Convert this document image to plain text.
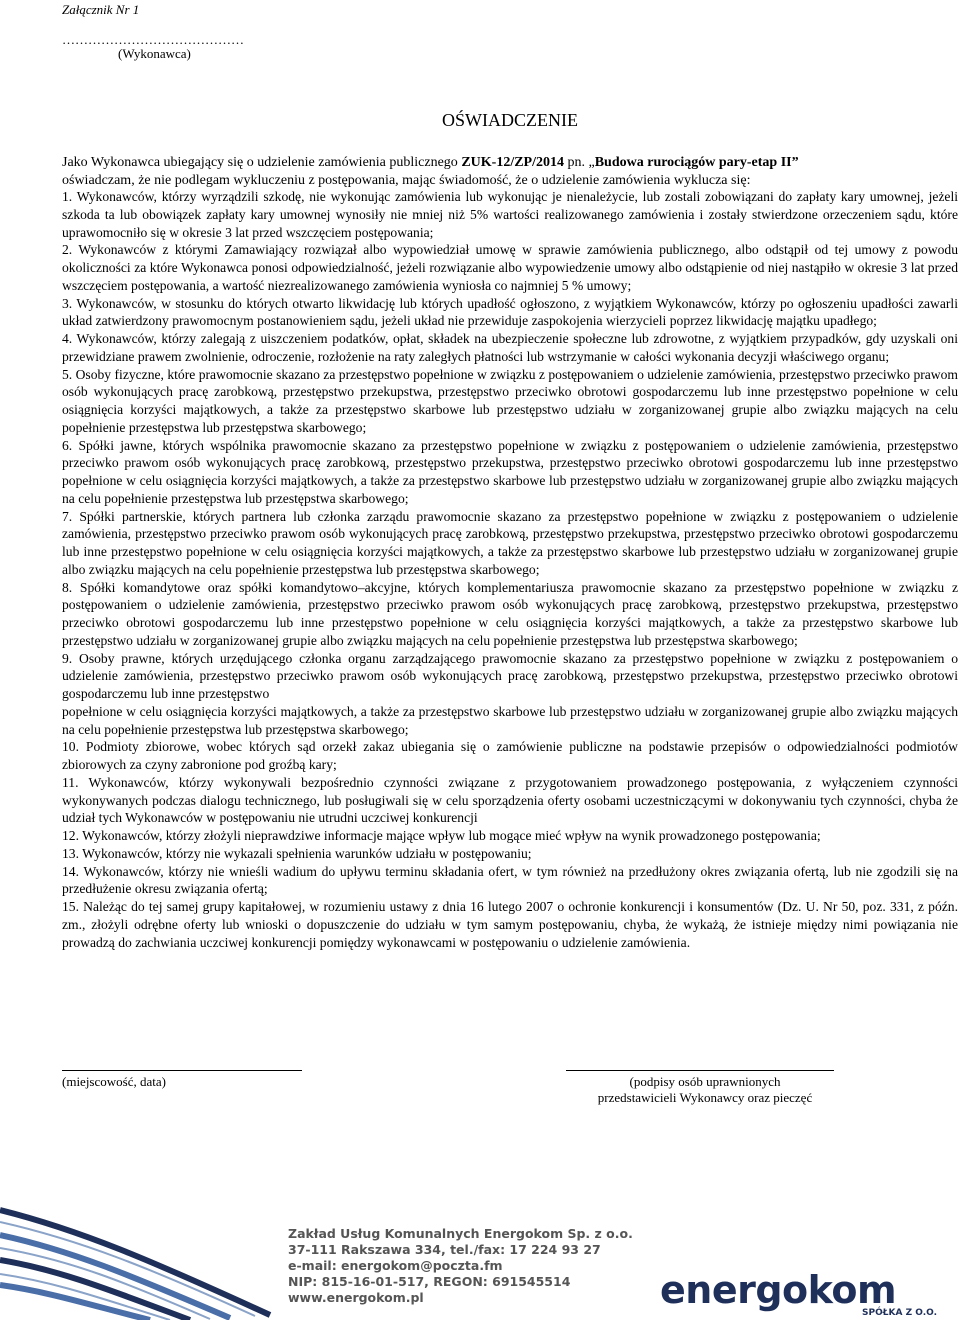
Załącznik Nr 1
……………………………………
(Wykonawca)
OŚWIADCZENIE
Jako Wykonawca ubiegający się o udzielenie zamówienia publicznego ZUK-12/ZP/2014 pn. „Budowa rurociągów pary-etap II”
oświadczam, że nie podlegam wykluczeniu z postępowania, mając świadomość, że o udzielenie zamówienia wyklucza się:

1. Wykonawców, którzy wyrządzili szkodę, nie wykonując zamówienia lub wykonując je nienależycie, lub zostali zobowiązani do zapłaty kary umownej, jeżeli szkoda ta lub obowiązek zapłaty kary umownej wynosiły nie mniej niż 5% wartości realizowanego zamówienia i zostały stwierdzone orzeczeniem sądu, które uprawomocniło się w okresie 3 lat przed wszczęciem postępowania;

2. Wykonawców z którymi Zamawiający rozwiązał albo wypowiedział umowę w sprawie zamówienia publicznego, albo odstąpił od tej umowy z powodu okoliczności za które Wykonawca ponosi odpowiedzialność, jeżeli rozwiązanie albo wypowiedzenie umowy albo odstąpienie od niej nastąpiło w okresie 3 lat przed wszczęciem postępowania, a wartość niezrealizowanego zamówienia wyniosła co najmniej 5 % umowy;

3. Wykonawców, w stosunku do których otwarto likwidację lub których upadłość ogłoszono, z wyjątkiem Wykonawców, którzy po ogłoszeniu upadłości zawarli układ zatwierdzony prawomocnym postanowieniem sądu, jeżeli układ nie przewiduje zaspokojenia wierzycieli poprzez likwidację majątku upadłego;

4. Wykonawców, którzy zalegają z uiszczeniem podatków, opłat, składek na ubezpieczenie społeczne lub zdrowotne, z wyjątkiem przypadków, gdy uzyskali oni przewidziane prawem zwolnienie, odroczenie, rozłożenie na raty zaległych płatności lub wstrzymanie w całości wykonania decyzji właściwego organu;

5. Osoby fizyczne, które prawomocnie skazano za przestępstwo popełnione w związku z postępowaniem o udzielenie zamówienia, przestępstwo przeciwko prawom osób wykonujących pracę zarobkową, przestępstwo przekupstwa, przestępstwo przeciwko obrotowi gospodarczemu lub inne przestępstwo popełnione w celu osiągnięcia korzyści majątkowych, a także za przestępstwo skarbowe lub przestępstwo udziału w zorganizowanej grupie albo związku mających na celu popełnienie przestępstwa lub przestępstwa skarbowego;

6. Spółki jawne, których wspólnika prawomocnie skazano za przestępstwo popełnione w związku z postępowaniem o udzielenie zamówienia, przestępstwo przeciwko prawom osób wykonujących pracę zarobkową, przestępstwo przekupstwa, przestępstwo przeciwko obrotowi gospodarczemu lub inne przestępstwo popełnione w celu osiągnięcia korzyści majątkowych, a także za przestępstwo skarbowe lub przestępstwo udziału w zorganizowanej grupie albo związku mających na celu popełnienie przestępstwa lub przestępstwa skarbowego;

7. Spółki partnerskie, których partnera lub członka zarządu prawomocnie skazano za przestępstwo popełnione w związku z postępowaniem o udzielenie zamówienia, przestępstwo przeciwko prawom osób wykonujących pracę zarobkową, przestępstwo przekupstwa, przestępstwo przeciwko obrotowi gospodarczemu lub inne przestępstwo popełnione w celu osiągnięcia korzyści majątkowych, a także za przestępstwo skarbowe lub przestępstwo udziału w zorganizowanej grupie albo związku mających na celu popełnienie przestępstwa lub przestępstwa skarbowego;

8. Spółki komandytowe oraz spółki komandytowo–akcyjne, których komplementariusza prawomocnie skazano za przestępstwo popełnione w związku z postępowaniem o udzielenie zamówienia, przestępstwo przeciwko prawom osób wykonujących pracę zarobkową, przestępstwo przekupstwa, przestępstwo przeciwko obrotowi gospodarczemu lub inne przestępstwo popełnione w celu osiągnięcia korzyści majątkowych, a także za przestępstwo skarbowe lub przestępstwo udziału w zorganizowanej grupie albo związku mających na celu popełnienie przestępstwa lub przestępstwa skarbowego;

9. Osoby prawne, których urzędującego członka organu zarządzającego prawomocnie skazano za przestępstwo popełnione w związku z postępowaniem o udzielenie zamówienia, przestępstwo przeciwko prawom osób wykonujących pracę zarobkową, przestępstwo przekupstwa, przestępstwo przeciwko obrotowi gospodarczemu lub inne przestępstwo

popełnione w celu osiągnięcia korzyści majątkowych, a także za przestępstwo skarbowe lub przestępstwo udziału w zorganizowanej grupie albo związku mających na celu popełnienie przestępstwa lub przestępstwa skarbowego;

10. Podmioty zbiorowe, wobec których sąd orzekł zakaz ubiegania się o zamówienie publiczne na podstawie przepisów o odpowiedzialności podmiotów zbiorowych za czyny zabronione pod groźbą kary;

11. Wykonawców, którzy wykonywali bezpośrednio czynności związane z przygotowaniem prowadzonego postępowania, z wyłączeniem czynności wykonywanych podczas dialogu technicznego, lub posługiwali się w celu sporządzenia oferty osobami uczestniczącymi w dokonywaniu tych czynności, chyba że udział tych Wykonawców w postępowaniu nie utrudni uczciwej konkurencji

12. Wykonawców, którzy złożyli nieprawdziwe informacje mające wpływ lub mogące mieć wpływ na wynik prowadzonego postępowania;

13. Wykonawców, którzy nie wykazali spełnienia warunków udziału w postępowaniu;

14. Wykonawców, którzy nie wnieśli wadium do upływu terminu składania ofert, w tym również na przedłużony okres związania ofertą, lub nie zgodzili się na przedłużenie okresu związania ofertą;

15. Należąc do tej samej grupy kapitałowej, w rozumieniu ustawy z dnia 16 lutego 2007 o ochronie konkurencji i konsumentów (Dz. U. Nr 50, poz. 331, z późn. zm., złożyli odrębne oferty lub wnioski o dopuszczenie do udziału w tym samym postępowaniu, chyba, że wykażą, że istnieje między nimi powiązania nie prowadzą do zachwiania uczciwej konkurencji pomiędzy wykonawcami w postępowaniu o udzielenie zamówienia.

(miejscowość, data)	(podpisy osób uprawnionych
przedstawicieli Wykonawcy oraz pieczęć
Zakład Usług Komunalnych Energokom Sp. z o.o.
37-111 Rakszawa 334, tel./fax: 17 224 93 27
e-mail: energokom@poczta.fm
NIP: 815-16-01-517, REGON: 691545514
www.energokom.pl	energokom
SPÓŁKA Z O.O.
